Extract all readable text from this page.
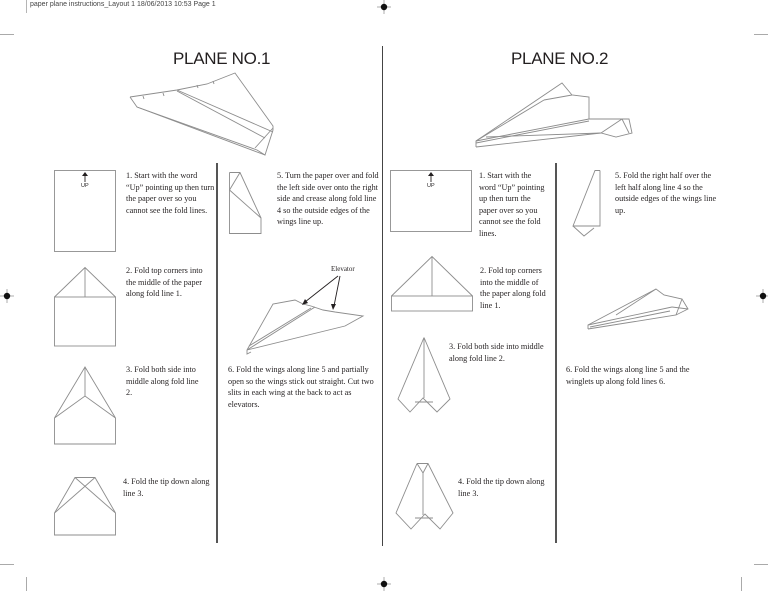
paper plane instructions_Layout 1 18/06/2013 10:53 Page 1
PLANE NO.1
UP
1. Start with the word “Up” pointing up then turn the paper over so you cannot see the fold lines.
2. Fold top corners into the middle of the paper along fold line 1.
3. Fold both side into middle along fold line 2.
4. Fold the tip down along line 3.
5. Turn the paper over and fold the left side over onto the right side and crease along fold line 4 so the outside edges of the wings line up.
Elevator
6. Fold the wings along line 5 and partially open so the wings stick out straight. Cut two slits in each wing at the back to act as elevators.
PLANE NO.2
UP
1. Start with the word “Up” pointing up then turn the paper over so you cannot see the fold lines.
2. Fold top corners into the middle of the paper along fold line 1.
3. Fold both side into middle along fold line 2.
4. Fold the tip down along line 3.
5. Fold the right half over the left half along line 4 so the outside edges of the wings line up.
6. Fold the wings along line 5 and the winglets up along fold lines 6.
